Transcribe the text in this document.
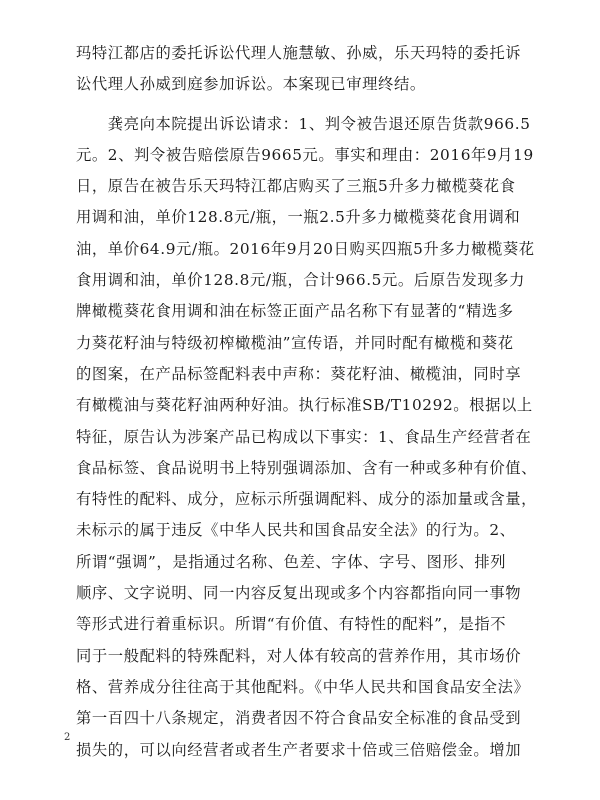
玛特江都店的委托诉讼代理人施慧敏、孙威，乐天玛特的委托诉
讼代理人孙威到庭参加诉讼。本案现已审理终结。
　　龚亮向本院提出诉讼请求：1、判令被告退还原告货款966.5
元。2、判令被告赔偿原告9665元。事实和理由：2016年9月19
日，原告在被告乐天玛特江都店购买了三瓶5升多力橄榄葵花食
用调和油，单价128.8元/瓶，一瓶2.5升多力橄榄葵花食用调和
油，单价64.9元/瓶。2016年9月20日购买四瓶5升多力橄榄葵花
食用调和油，单价128.8元/瓶，合计966.5元。后原告发现多力
牌橄榄葵花食用调和油在标签正面产品名称下有显著的“精选多
力葵花籽油与特级初榨橄榄油”宣传语，并同时配有橄榄和葵花
的图案，在产品标签配料表中声称：葵花籽油、橄榄油，同时享
有橄榄油与葵花籽油两种好油。执行标准SB/T10292。根据以上
特征，原告认为涉案产品已构成以下事实：1、食品生产经营者在
食品标签、食品说明书上特别强调添加、含有一种或多种有价值、
有特性的配料、成分，应标示所强调配料、成分的添加量或含量，
未标示的属于违反《中华人民共和国食品安全法》的行为。2、
所谓“强调”，是指通过名称、色差、字体、字号、图形、排列
顺序、文字说明、同一内容反复出现或多个内容都指向同一事物
等形式进行着重标识。所谓“有价值、有特性的配料”，是指不
同于一般配料的特殊配料，对人体有较高的营养作用，其市场价
格、营养成分往往高于其他配料。《中华人民共和国食品安全法》
第一百四十八条规定，消费者因不符合食品安全标准的食品受到
损失的，可以向经营者或者生产者要求十倍或三倍赔偿金。增加
2
